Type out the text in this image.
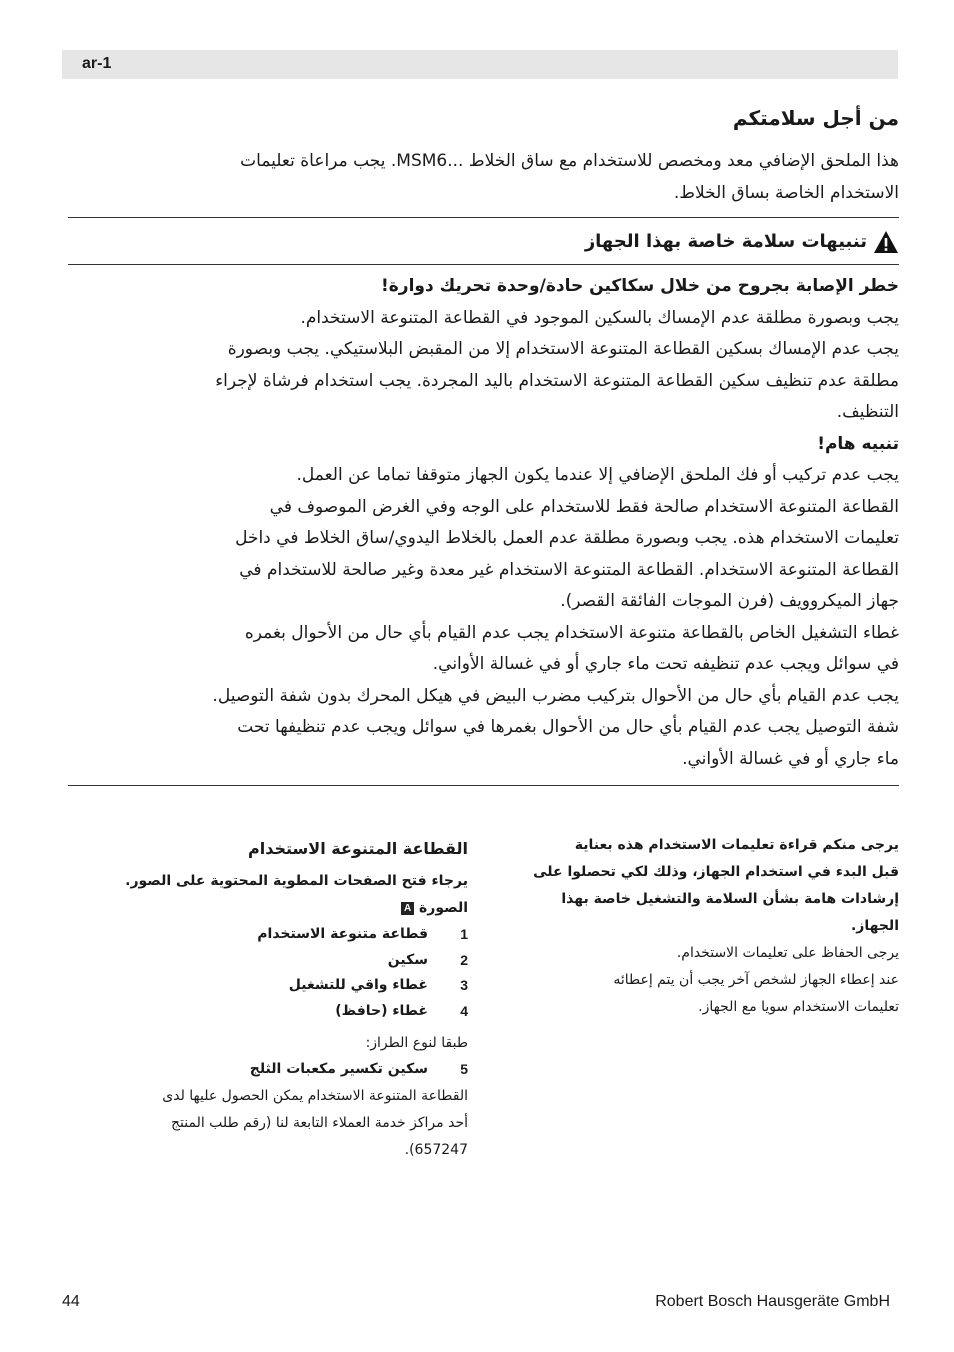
ar-1
من أجل سلامتكم

هذا الملحق الإضافي معد ومخصص للاستخدام مع ساق الخلاط ...MSM6. يجب مراعاة تعليمات

الاستخدام الخاصة بساق الخلاط.

تنبيهات سلامة خاصة بهذا الجهاز

خطر الإصابة بجروح من خلال سكاكين حادة/وحدة تحريك دوارة!

يجب وبصورة مطلقة عدم الإمساك بالسكين الموجود في القطاعة المتنوعة الاستخدام.

يجب عدم الإمساك بسكين القطاعة المتنوعة الاستخدام إلا من المقبض البلاستيكي. يجب وبصورة

مطلقة عدم تنظيف سكين القطاعة المتنوعة الاستخدام باليد المجردة. يجب استخدام فرشاة لإجراء

التنظيف.

تنبيه هام!

يجب عدم تركيب أو فك الملحق الإضافي إلا عندما يكون الجهاز متوقفا تماما عن العمل.

القطاعة المتنوعة الاستخدام صالحة فقط للاستخدام على الوجه وفي الغرض الموصوف في

تعليمات الاستخدام هذه. يجب وبصورة مطلقة عدم العمل بالخلاط اليدوي/ساق الخلاط في داخل

القطاعة المتنوعة الاستخدام. القطاعة المتنوعة الاستخدام غير معدة وغير صالحة للاستخدام في

جهاز الميكروويف (فرن الموجات الفائقة القصر).

غطاء التشغيل الخاص بالقطاعة متنوعة الاستخدام يجب عدم القيام بأي حال من الأحوال بغمره

في سوائل ويجب عدم تنظيفه تحت ماء جاري أو في غسالة الأواني.

يجب عدم القيام بأي حال من الأحوال بتركيب مضرب البيض في هيكل المحرك بدون شفة التوصيل.

شفة التوصيل يجب عدم القيام بأي حال من الأحوال بغمرها في سوائل ويجب عدم تنظيفها تحت

ماء جاري أو في غسالة الأواني.

يرجى منكم قراءة تعليمات الاستخدام هذه بعناية

قبل البدء في استخدام الجهاز، وذلك لكي تحصلوا على

إرشادات هامة بشأن السلامة والتشغيل خاصة بهذا

الجهاز.

يرجى الحفاظ على تعليمات الاستخدام.

عند إعطاء الجهاز لشخص آخر يجب أن يتم إعطائه

تعليمات الاستخدام سويا مع الجهاز.

القطاعة المتنوعة الاستخدام

يرجاء فتح الصفحات المطوية المحتوية على الصور.

الصورة A

1
قطاعة متنوعة الاستخدام
2
سكين
3
غطاء واقي للتشغيل
4
غطاء (حافظ)

طبقا لنوع الطراز:

5
سكين تكسير مكعبات الثلج

القطاعة المتنوعة الاستخدام يمكن الحصول عليها لدى

أحد مراكز خدمة العملاء التابعة لنا (رقم طلب المنتج

657247).

44	Robert Bosch Hausgeräte GmbH
